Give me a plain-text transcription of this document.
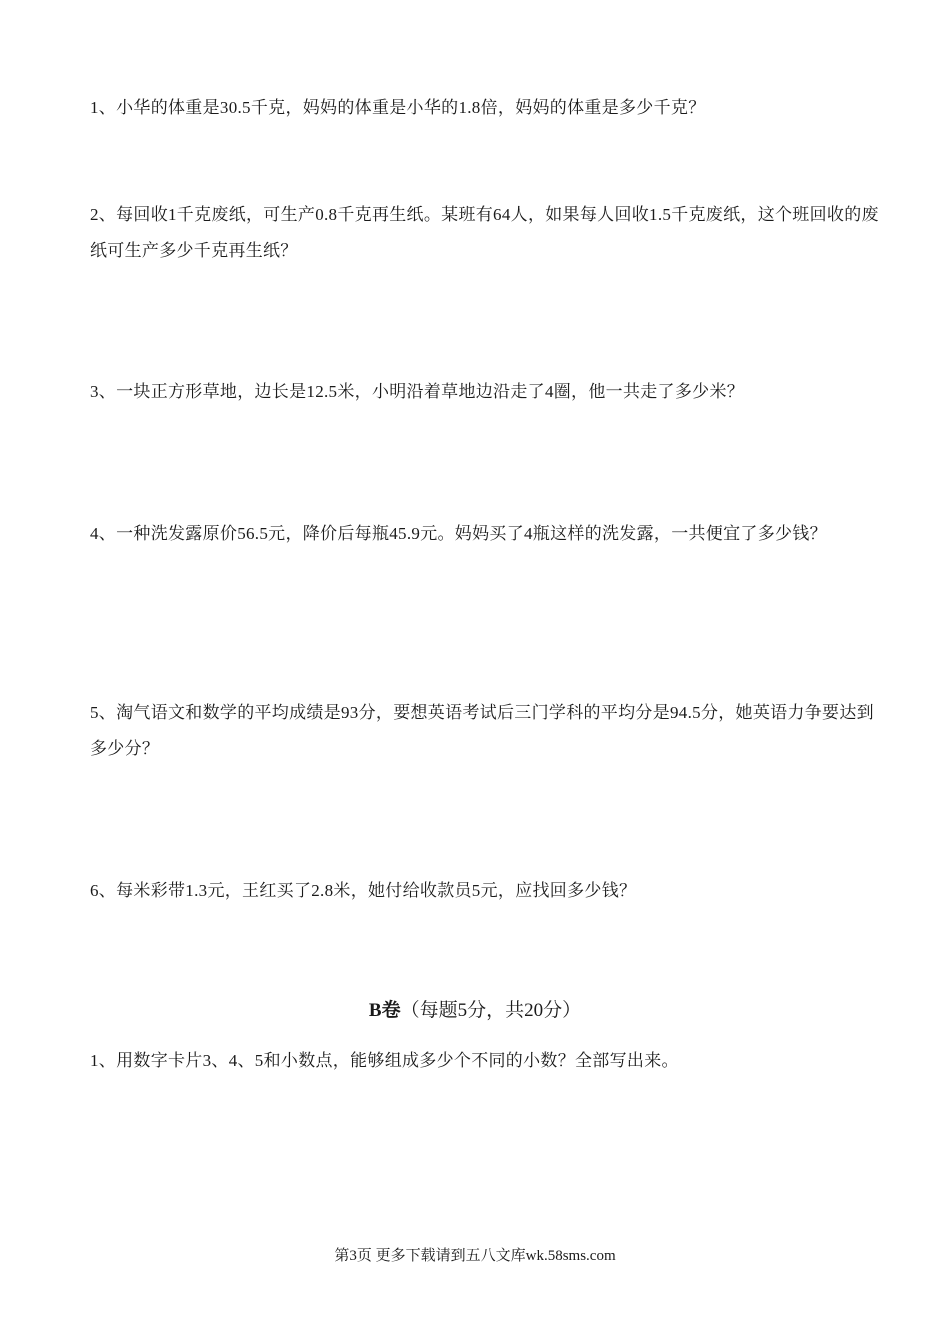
1、小华的体重是30.5千克，妈妈的体重是小华的1.8倍，妈妈的体重是多少千克？
2、每回收1千克废纸，可生产0.8千克再生纸。某班有64人，如果每人回收1.5千克废纸，这个班回收的废纸可生产多少千克再生纸？
3、一块正方形草地，边长是12.5米，小明沿着草地边沿走了4圈，他一共走了多少米？
4、一种洗发露原价56.5元，降价后每瓶45.9元。妈妈买了4瓶这样的洗发露，一共便宜了多少钱？
5、淘气语文和数学的平均成绩是93分，要想英语考试后三门学科的平均分是94.5分，她英语力争要达到多少分？
6、每米彩带1.3元，王红买了2.8米，她付给收款员5元，应找回多少钱？
B卷（每题5分，共20分）
1、用数字卡片3、4、5和小数点，能够组成多少个不同的小数？全部写出来。
第3页 更多下载请到五八文库wk.58sms.com
